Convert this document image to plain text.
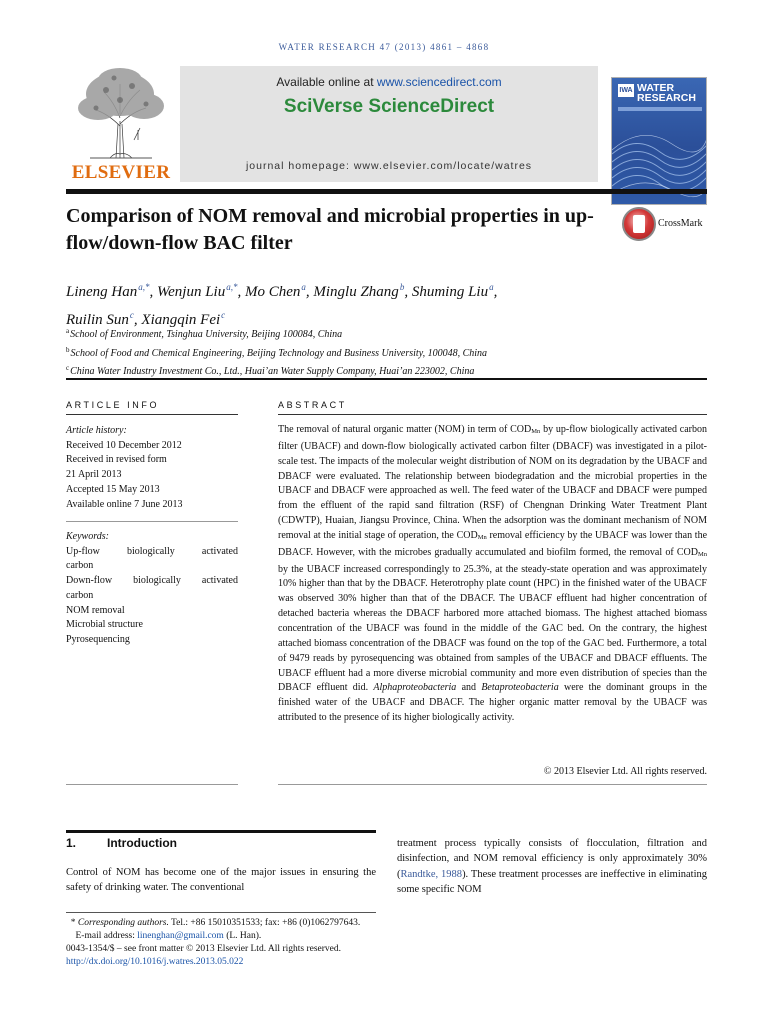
WATER RESEARCH 47 (2013) 4861 – 4868
ELSEVIER
Available online at www.sciencedirect.com
SciVerse ScienceDirect
journal homepage: www.elsevier.com/locate/watres
IWA WATER
RESEARCH
Comparison of NOM removal and microbial properties in up-flow/down-flow BAC filter
CrossMark
Lineng Han$^{a,*}$, Wenjun Liu$^{a,*}$, Mo Chen$^a$, Minglu Zhang$^b$, Shuming Liu$^a$,
Ruilin Sun$^c$, Xiangqin Fei$^c$
$^a$School of Environment, Tsinghua University, Beijing 100084, China
$^b$School of Food and Chemical Engineering, Beijing Technology and Business University, 100048, China
$^c$China Water Industry Investment Co., Ltd., Huai’an Water Supply Company, Huai’an 223002, China
ARTICLE INFO	ABSTRACT
Article history:
Received 10 December 2012
Received in revised form
21 April 2013
Accepted 15 May 2013
Available online 7 June 2013
Keywords:
Up-flow	biologically	activated
carbon
Down-flow biologically activated
carbon
NOM removal
Microbial structure
Pyrosequencing
The removal of natural organic matter (NOM) in term of $COD_{Mn}$ by up-flow biologically activated carbon filter (UBACF) and down-flow biologically activated carbon filter (DBACF) was investigated in a pilot-scale test. The impacts of the molecular weight distribution of NOM on its degradation by the UBACF and DBACF were evaluated. The relationship between biodegradation and the microbial properties in the UBACF and DBACF were approached as well. The feed water of the UBACF and DBACF were pumped from the effluent of the rapid sand filtration (RSF) of Chengnan Drinking Water Treatment Plant (CDWTP), Huaian, Jiangsu Province, China. When the adsorption was the dominant mechanism of NOM removal at the initial stage of operation, the $COD_{Mn}$ removal efficiency by the UBACF was lower than the DBACF. However, with the microbes gradually accumulated and biofilm formed, the removal of $COD_{Mn}$ by the UBACF increased correspondingly to 25.3%, at the steady-state operation and was approximately 10% higher than that by the DBACF. Heterotrophy plate count (HPC) in the finished water of the UBACF was observed 30% higher than that of the DBACF. The UBACF effluent had higher concentration of detached bacteria whereas the DBACF harbored more attached biomass. The highest attached biomass concentration of the UBACF was found in the middle of the GAC bed. On the contrary, the highest attached biomass concentration of the DBACF was found on the top of the GAC bed. Furthermore, a total of 9479 reads by pyrosequencing was obtained from samples of the UBACF and DBACF effluents. The UBACF effluent had a more diverse microbial community and more even distribution of species than the DBACF effluent did. Alphaproteobacteria and Betaproteobacteria were the dominant groups in the finished water of the UBACF and DBACF. The higher organic matter removal by the UBACF was attributed to the presence of its higher biologically activity.
© 2013 Elsevier Ltd. All rights reserved.
1.	Introduction
Control of NOM has become one of the major issues in ensuring the safety of drinking water. The conventional
treatment process typically consists of flocculation, filtration and disinfection, and NOM removal efficiency is only approximately 30% (Randtke, 1988). These treatment processes are ineffective in eliminating some specific NOM
* Corresponding authors. Tel.: +86 15010351533; fax: +86 (0)1062797643.
E-mail address: linenghan@gmail.com (L. Han).
0043-1354/$ – see front matter © 2013 Elsevier Ltd. All rights reserved.
http://dx.doi.org/10.1016/j.watres.2013.05.022
